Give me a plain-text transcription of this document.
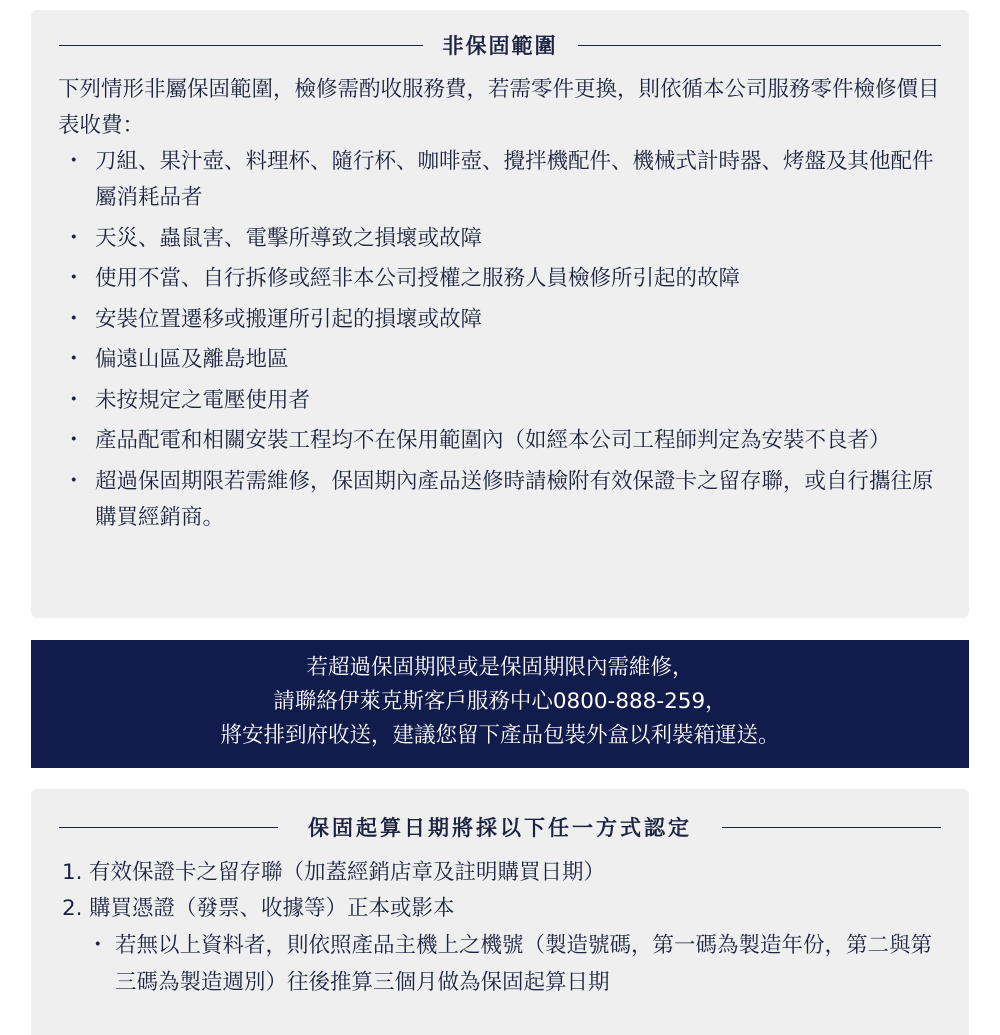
非保固範圍

下列情形非屬保固範圍，檢修需酌收服務費，若需零件更換，則依循本公司服務零件檢修價目表收費：

・ 刀組、果汁壺、料理杯、隨行杯、咖啡壺、攪拌機配件、機械式計時器、烤盤及其他配件屬消耗品者
・ 天災、蟲鼠害、電擊所導致之損壞或故障
・ 使用不當、自行拆修或經非本公司授權之服務人員檢修所引起的故障
・ 安裝位置遷移或搬運所引起的損壞或故障
・ 偏遠山區及離島地區
・ 未按規定之電壓使用者
・ 產品配電和相關安裝工程均不在保用範圍內（如經本公司工程師判定為安裝不良者）
・ 超過保固期限若需維修，保固期內產品送修時請檢附有效保證卡之留存聯，或自行攜往原購買經銷商。
若超過保固期限或是保固期限內需維修，
請聯絡伊萊克斯客戶服務中心0800-888-259，
將安排到府收送，建議您留下產品包裝外盒以利裝箱運送。
保固起算日期將採以下任一方式認定
1. 有效保證卡之留存聯（加蓋經銷店章及註明購買日期）
2. 購買憑證（發票、收據等）正本或影本
・ 若無以上資料者，則依照產品主機上之機號（製造號碼，第一碼為製造年份，第二與第三碼為製造週別）往後推算三個月做為保固起算日期
